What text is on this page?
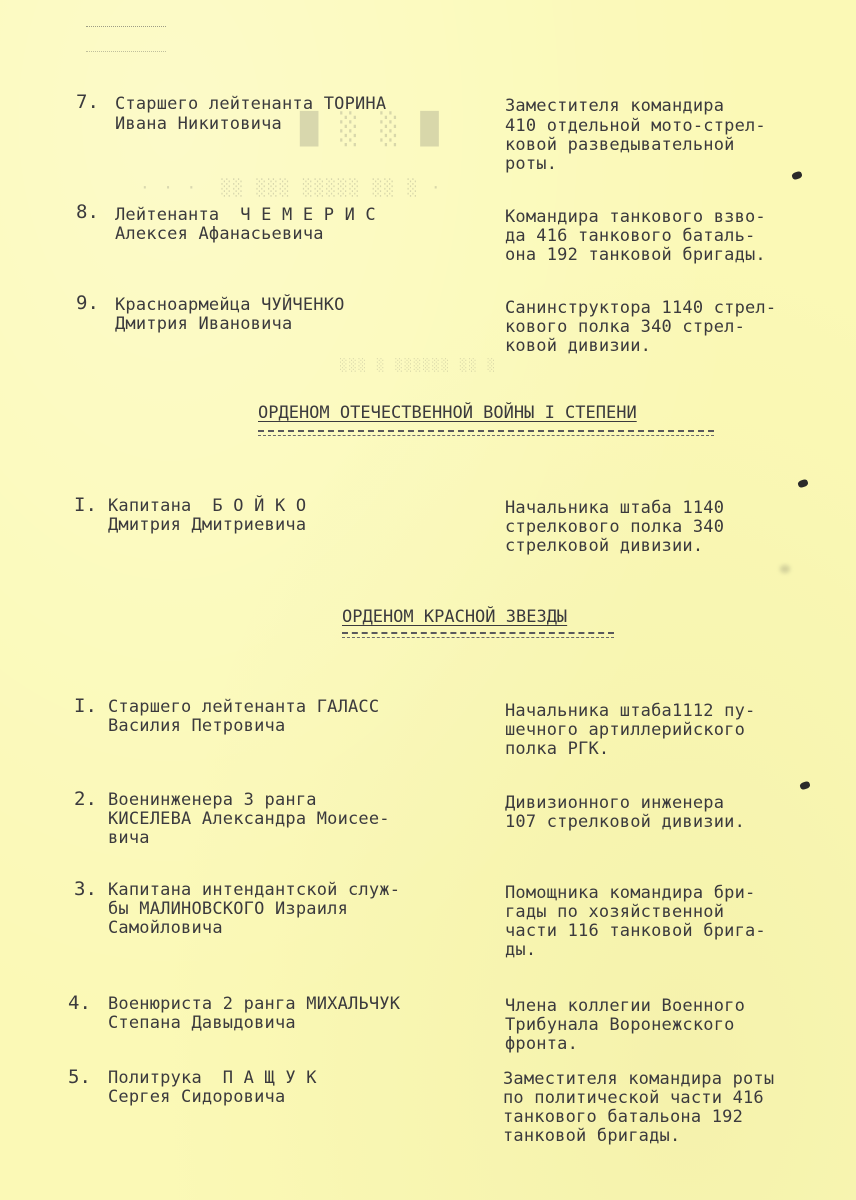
█ ░ ░ █
· · ·  ░░ ░░░ ░░░░░ ░░ ░ ·
░░░ ░ ░░░░░░ ░░ ░
7. Старшего лейтенанта ТОРИНА
Ивана Никитовича
Заместителя командира
410 отдельной мото-стрел-
ковой разведывательной
роты.
8. Лейтенанта  Ч Е М Е Р И С
Алексея Афанасьевича
Командира танкового взво-
да 416 танкового баталь-
она 192 танковой бригады.
9. Красноармейца ЧУЙЧЕНКО
Дмитрия Ивановича
Санинструктора 1140 стрел-
кового полка 340 стрел-
ковой дивизии.
ОРДЕНОМ ОТЕЧЕСТВЕННОЙ ВОЙНЫ I СТЕПЕНИ
I. Капитана  Б О Й К О
Дмитрия Дмитриевича
Начальника штаба 1140
стрелкового полка 340
стрелковой дивизии.
ОРДЕНОМ КРАСНОЙ ЗВЕЗДЫ
I. Старшего лейтенанта ГАЛАСС
Василия Петровича
Начальника штаба1112 пу-
шечного артиллерийского
полка РГК.
2. Военинженера 3 ранга
КИСЕЛЕВА Александра Моисее-
вича
Дивизионного инженера
107 стрелковой дивизии.
3. Капитана интендантской служ-
бы МАЛИНОВСКОГО Израиля
Самойловича
Помощника командира бри-
гады по хозяйственной
части 116 танковой бригa-
ды.
4. Военюриста 2 ранга МИХАЛЬЧУК
Степана Давыдовича
Члена коллегии Военного
Трибунала Воронежского
фронта.
5. Политрука  П А Щ У К
Сергея Сидоровича
Заместителя командира роты
по политической части 416
танкового батальона 192
танковой бригады.
